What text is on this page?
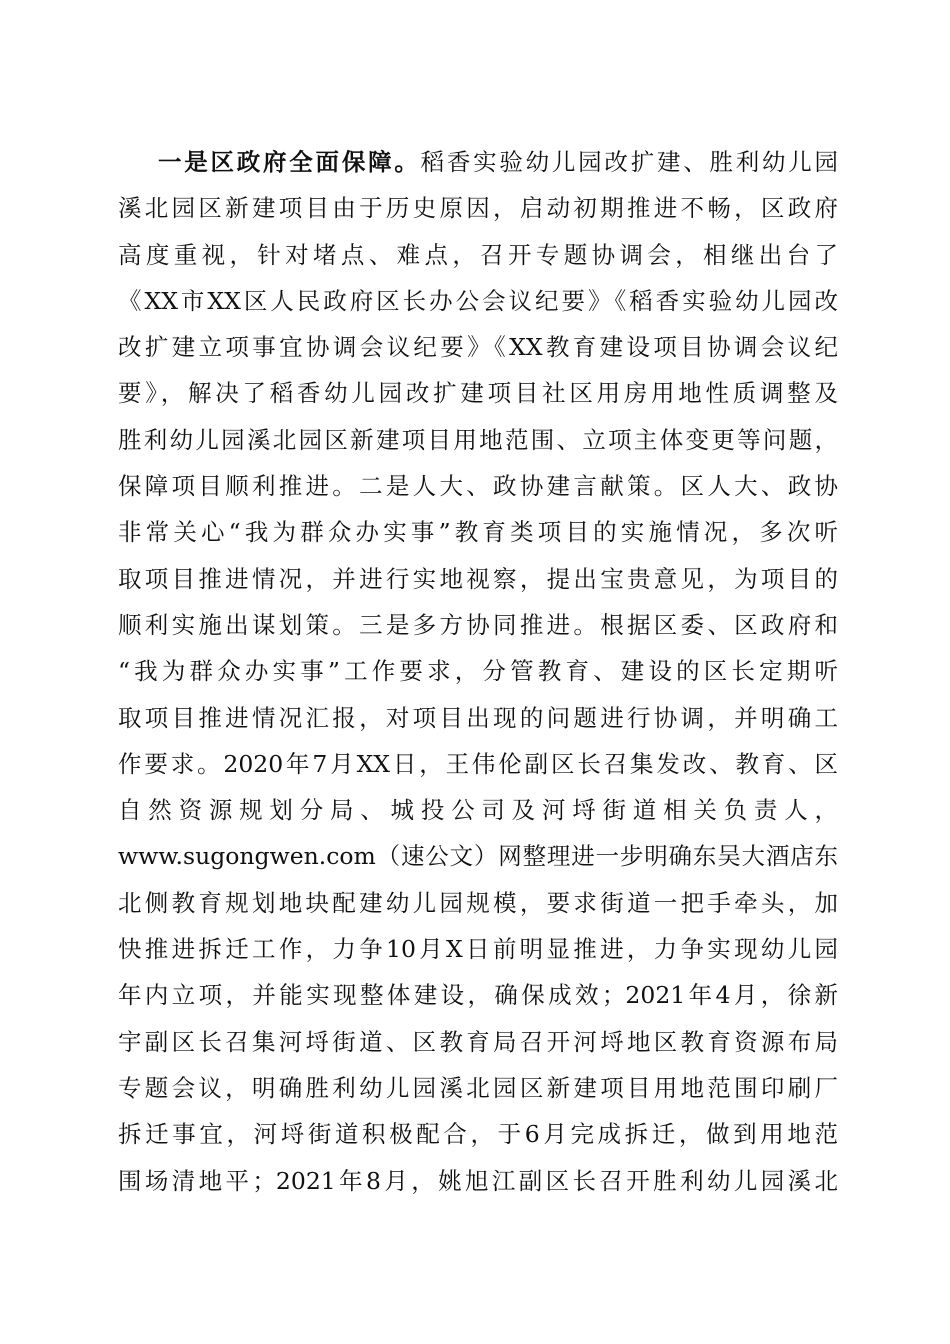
一是区政府全面保障。稻香实验幼儿园改扩建、胜利幼儿园
溪北园区新建项目由于历史原因，启动初期推进不畅，区政府
高度重视，针对堵点、难点，召开专题协调会，相继出台了
《XX市XX区人民政府区长办公会议纪要》《稻香实验幼儿园改
改扩建立项事宜协调会议纪要》《XX教育建设项目协调会议纪
要》，解决了稻香幼儿园改扩建项目社区用房用地性质调整及
胜利幼儿园溪北园区新建项目用地范围、立项主体变更等问题，
保障项目顺利推进。二是人大、政协建言献策。区人大、政协
非常关心“我为群众办实事”教育类项目的实施情况，多次听
取项目推进情况，并进行实地视察，提出宝贵意见，为项目的
顺利实施出谋划策。三是多方协同推进。根据区委、区政府和
“我为群众办实事”工作要求，分管教育、建设的区长定期听
取项目推进情况汇报，对项目出现的问题进行协调，并明确工
作要求。2020年7月XX日，王伟伦副区长召集发改、教育、区
自然资源规划分局、城投公司及河埒街道相关负责人，
www.sugongwen.com（速公文）网整理进一步明确东吴大酒店东
北侧教育规划地块配建幼儿园规模，要求街道一把手牵头，加
快推进拆迁工作，力争10月X日前明显推进，力争实现幼儿园
年内立项，并能实现整体建设，确保成效；2021年4月，徐新
宇副区长召集河埒街道、区教育局召开河埒地区教育资源布局
专题会议，明确胜利幼儿园溪北园区新建项目用地范围印刷厂
拆迁事宜，河埒街道积极配合，于6月完成拆迁，做到用地范
围场清地平；2021年8月，姚旭江副区长召开胜利幼儿园溪北
